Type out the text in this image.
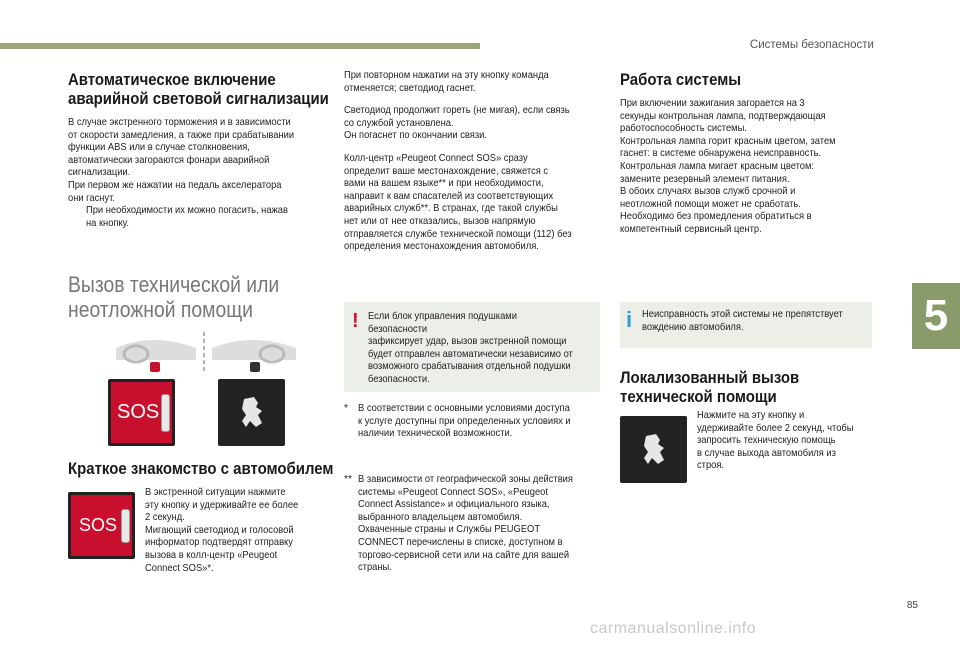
Системы безопасности
5
Автоматическое включение
аварийной световой сигнализации
В случае экстренного торможения и в зависимости
от скорости замедления, а также при срабатывании
функции ABS или в случае столкновения,
автоматически загораются фонари аварийной
сигнализации.
При первом же нажатии на педаль акселератора
они гаснут.
При необходимости их можно погасить, нажав
на кнопку.
Вызов технической или
неотложной помощи
SOS
Краткое знакомство с автомобилем
SOS
В экстренной ситуации нажмите
эту кнопку и удерживайте ее более
2 секунд.
Мигающий светодиод и голосовой
информатор подтвердят отправку
вызова в колл-центр «Peugeot
Connect SOS»*.
При повторном нажатии на эту кнопку команда
отменяется; светодиод гаснет.
Светодиод продолжит гореть (не мигая), если связь
со службой установлена.
Он погаснет по окончании связи.
Колл-центр «Peugeot Connect SOS» сразу
определит ваше местонахождение, свяжется с
вами на вашем языке** и при необходимости,
направит к вам спасателей из соответствующих
аварийных служб**. В странах, где такой службы
нет или от нее отказались, вызов напрямую
отправляется службе технической помощи (112) без
определения местонахождения автомобиля.
! Если блок управления подушками безопасности
зафиксирует удар, вызов экстренной помощи
будет отправлен автоматически независимо от
возможного срабатывания отдельной подушки
безопасности.
* В соответствии с основными условиями доступа
к услуге доступны при определенных условиях и
наличии технической возможности.
** В зависимости от географической зоны действия
системы «Peugeot Connect SOS», «Peugeot
Connect Assistance» и официального языка,
выбранного владельцем автомобиля.
Охваченные страны и Службы PEUGEOT
CONNECT перечислены в списке, доступном в
торгово-сервисной сети или на сайте для вашей
страны.
Работа системы
При включении зажигания загорается на 3
секунды контрольная лампа, подтверждающая
работоспособность системы.
Контрольная лампа горит красным цветом, затем
гаснет: в системе обнаружена неисправность.
Контрольная лампа мигает красным цветом:
замените резервный элемент питания.
В обоих случаях вызов служб срочной и
неотложной помощи может не сработать.
Необходимо без промедления обратиться в
компетентный сервисный центр.
i Неисправность этой системы не препятствует
вождению автомобиля.
Локализованный вызов
технической помощи
Нажмите на эту кнопку и
удерживайте более 2 секунд, чтобы
запросить техническую помощь
в случае выхода автомобиля из
строя.
85
carmanualsonline.info
